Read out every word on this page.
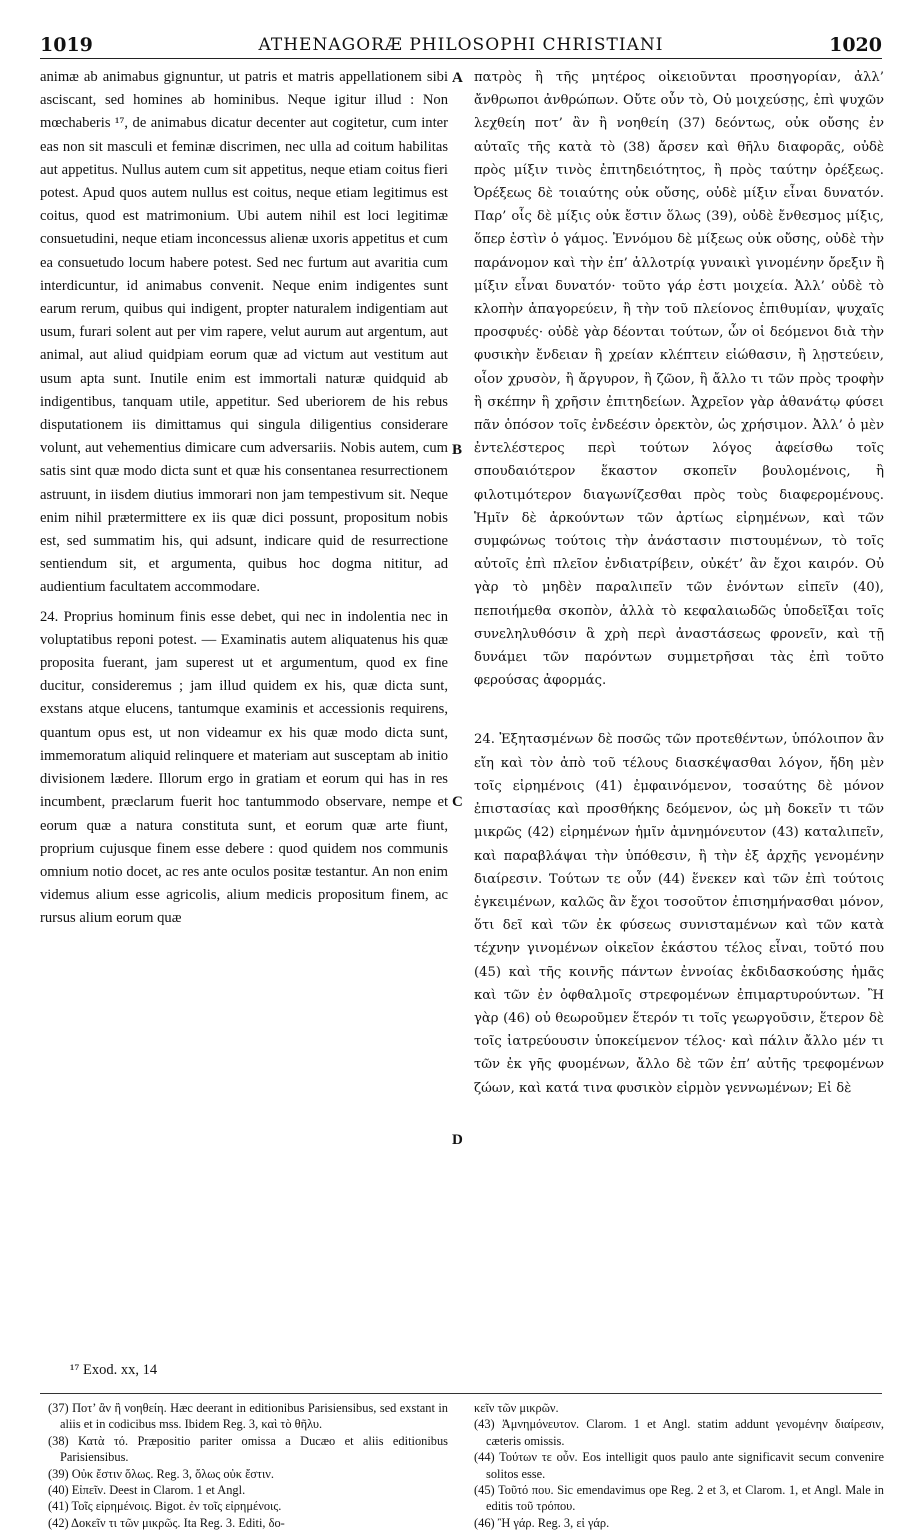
1019	ATHENAGORÆ PHILOSOPHI CHRISTIANI	1020

animæ ab animabus gignuntur, ut patris et matris appellationem sibi asciscant, sed homines ab hominibus. Neque igitur illud : Non mœchaberis ¹⁷, de animabus dicatur decenter aut cogitetur, cum inter eas non sit masculi et feminæ discrimen, nec ulla ad coitum habilitas aut appetitus. Nullus autem cum sit appetitus, neque etiam coitus fieri potest. Apud quos autem nullus est coitus, neque etiam legitimus est coitus, quod est matrimonium. Ubi autem nihil est loci legitimæ consuetudini, neque etiam inconcessus alienæ uxoris appetitus et cum ea consuetudo locum habere potest. Sed nec furtum aut avaritia cum interdicuntur, id animabus convenit. Neque enim indigentes sunt earum rerum, quibus qui indigent, propter naturalem indigentiam aut usum, furari solent aut per vim rapere, velut aurum aut argentum, aut animal, aut aliud quidpiam eorum quæ ad victum aut vestitum aut usum apta sunt. Inutile enim est immortali naturæ quidquid ab indigentibus, tanquam utile, appetitur. Sed uberiorem de his rebus disputationem iis dimittamus qui singula diligentius considerare volunt, aut vehementius dimicare cum adversariis. Nobis autem, cum satis sint quæ modo dicta sunt et quæ his consentanea resurrectionem astruunt, in iisdem diutius immorari non jam tempestivum sit. Neque enim nihil prætermittere ex iis quæ dici possunt, propositum nobis est, sed summatim his, qui adsunt, indicare quid de resurrectione sentiendum sit, et argumenta, quibus hoc dogma nititur, ad audientium facultatem accommodare.

24. Proprius hominum finis esse debet, qui nec in indolentia nec in voluptatibus reponi potest. — Examinatis autem aliquatenus his quæ proposita fuerant, jam superest ut et argumentum, quod ex fine ducitur, consideremus ; jam illud quidem ex his, quæ dicta sunt, exstans atque elucens, tantumque examinis et accessionis requirens, quantum opus est, ut non videamur ex his quæ modo dicta sunt, immemoratum aliquid relinquere et materiam aut susceptam ab initio divisionem lædere. Illorum ergo in gratiam et eorum qui has in res incumbent, præclarum fuerit hoc tantummodo observare, nempe et eorum quæ a natura constituta sunt, et eorum quæ arte fiunt, proprium cujusque finem esse debere : quod quidem nos communis omnium notio docet, ac res ante oculos positæ testantur. An non enim videmus alium esse agricolis, alium medicis propositum finem, ac rursus alium eorum quæ

A
B
C
D

πατρὸς ἢ τῆς μητέρος οἰκειοῦνται προσηγορίαν, ἀλλ’ ἄνθρωποι ἀνθρώπων. Οὔτε οὖν τὸ, Οὐ μοιχεύσῃς, ἐπὶ ψυχῶν λεχθείη ποτ’ ἂν ἢ νοηθείη (37) δεόντως, οὐκ οὔσης ἐν αὐταῖς τῆς κατὰ τὸ (38) ἄρσεν καὶ θῆλυ διαφορᾶς, οὐδὲ πρὸς μίξιν τινὸς ἐπιτηδειότητος, ἢ πρὸς ταύτην ὀρέξεως. Ὀρέξεως δὲ τοιαύτης οὐκ οὔσης, οὐδὲ μίξιν εἶναι δυνατόν. Παρ’ οἷς δὲ μίξις οὐκ ἔστιν ὅλως (39), οὐδὲ ἔνθεσμος μίξις, ὅπερ ἐστὶν ὁ γάμος. Ἐννόμου δὲ μίξεως οὐκ οὔσης, οὐδὲ τὴν παράνομον καὶ τὴν ἐπ’ ἀλλοτρίᾳ γυναικὶ γινομένην ὄρεξιν ἢ μίξιν εἶναι δυνατόν· τοῦτο γάρ ἐστι μοιχεία. Ἀλλ’ οὐδὲ τὸ κλοπὴν ἀπαγορεύειν, ἢ τὴν τοῦ πλείονος ἐπιθυμίαν, ψυχαῖς προσφυές· οὐδὲ γὰρ δέονται τούτων, ὧν οἱ δεόμενοι διὰ τὴν φυσικὴν ἔνδειαν ἢ χρείαν κλέπτειν εἰώθασιν, ἢ λῃστεύειν, οἷον χρυσὸν, ἢ ἄργυρον, ἢ ζῶον, ἢ ἄλλο τι τῶν πρὸς τροφὴν ἢ σκέπην ἢ χρῆσιν ἐπιτηδείων. Ἀχρεῖον γὰρ ἀθανάτῳ φύσει πᾶν ὁπόσον τοῖς ἐνδεέσιν ὀρεκτὸν, ὡς χρήσιμον. Ἀλλ’ ὁ μὲν ἐντελέστερος περὶ τούτων λόγος ἀφείσθω τοῖς σπουδαιότερον ἕκαστον σκοπεῖν βουλομένοις, ἢ φιλοτιμότερον διαγωνίζεσθαι πρὸς τοὺς διαφερομένους. Ἡμῖν δὲ ἀρκούντων τῶν ἀρτίως εἰρημένων, καὶ τῶν συμφώνως τούτοις τὴν ἀνάστασιν πιστουμένων, τὸ τοῖς αὐτοῖς ἐπὶ πλεῖον ἐνδιατρίβειν, οὐκέτ’ ἂν ἔχοι καιρόν. Οὐ γὰρ τὸ μηδὲν παραλιπεῖν τῶν ἐνόντων εἰπεῖν (40), πεποιήμεθα σκοπὸν, ἀλλὰ τὸ κεφαλαιωδῶς ὑποδεῖξαι τοῖς συνεληλυθόσιν ἃ χρὴ περὶ ἀναστάσεως φρονεῖν, καὶ τῇ δυνάμει τῶν παρόντων συμμετρῆσαι τὰς ἐπὶ τοῦτο φερούσας ἀφορμάς.

24. Ἐξητασμένων δὲ ποσῶς τῶν προτεθέντων, ὑπόλοιπον ἂν εἴη καὶ τὸν ἀπὸ τοῦ τέλους διασκέψασθαι λόγον, ἤδη μὲν τοῖς εἰρημένοις (41) ἐμφαινόμενον, τοσαύτης δὲ μόνον ἐπιστασίας καὶ προσθήκης δεόμενον, ὡς μὴ δοκεῖν τι τῶν μικρῶς (42) εἰρημένων ἡμῖν ἀμνημόνευτον (43) καταλιπεῖν, καὶ παραβλάψαι τὴν ὑπόθεσιν, ἢ τὴν ἐξ ἀρχῆς γενομένην διαίρεσιν. Τούτων τε οὖν (44) ἕνεκεν καὶ τῶν ἐπὶ τούτοις ἐγκειμένων, καλῶς ἂν ἔχοι τοσοῦτον ἐπισημήνασθαι μόνον, ὅτι δεῖ καὶ τῶν ἐκ φύσεως συνισταμένων καὶ τῶν κατὰ τέχνην γινομένων οἰκεῖον ἑκάστου τέλος εἶναι, τοῦτό που (45) καὶ τῆς κοινῆς πάντων ἐννοίας ἐκδιδασκούσης ἡμᾶς καὶ τῶν ἐν ὀφθαλμοῖς στρεφομένων ἐπιμαρτυρούντων. Ἢ γὰρ (46) οὐ θεωροῦμεν ἕτερόν τι τοῖς γεωργοῦσιν, ἕτερον δὲ τοῖς ἰατρεύουσιν ὑποκείμενον τέλος· καὶ πάλιν ἄλλο μέν τι τῶν ἐκ γῆς φυομένων, ἄλλο δὲ τῶν ἐπ’ αὐτῆς τρεφομένων ζώων, καὶ κατά τινα φυσικὸν εἱρμὸν γεννωμένων; Εἰ δὲ

¹⁷ Exod. xx, 14

(37) Ποτ’ ἂν ἢ νοηθείη. Hæc deerant in editionibus Parisiensibus, sed exstant in aliis et in codicibus mss. Ibidem Reg. 3, καὶ τὸ θῆλυ.

(38) Κατὰ τό. Præpositio pariter omissa a Ducæo et aliis editionibus Parisiensibus.

(39) Οὐκ ἔστιν ὅλως. Reg. 3, ὅλως οὐκ ἔστιν.

(40) Εἰπεῖν. Deest in Clarom. 1 et Angl.

(41) Τοῖς εἰρημένοις. Bigot. ἐν τοῖς εἰρημένοις.

(42) Δοκεῖν τι τῶν μικρῶς. Ita Reg. 3. Editi, δο-

κεῖν τῶν μικρῶν.

(43) Ἀμνημόνευτον. Clarom. 1 et Angl. statim addunt γενομένην διαίρεσιν, cæteris omissis.

(44) Τούτων τε οὖν. Eos intelligit quos paulo ante significavit secum convenire solitos esse.

(45) Τοῦτό που. Sic emendavimus ope Reg. 2 et 3, et Clarom. 1, et Angl. Male in editis τοῦ τρόπου.

(46) Ἢ γάρ. Reg. 3, εἰ γάρ.
